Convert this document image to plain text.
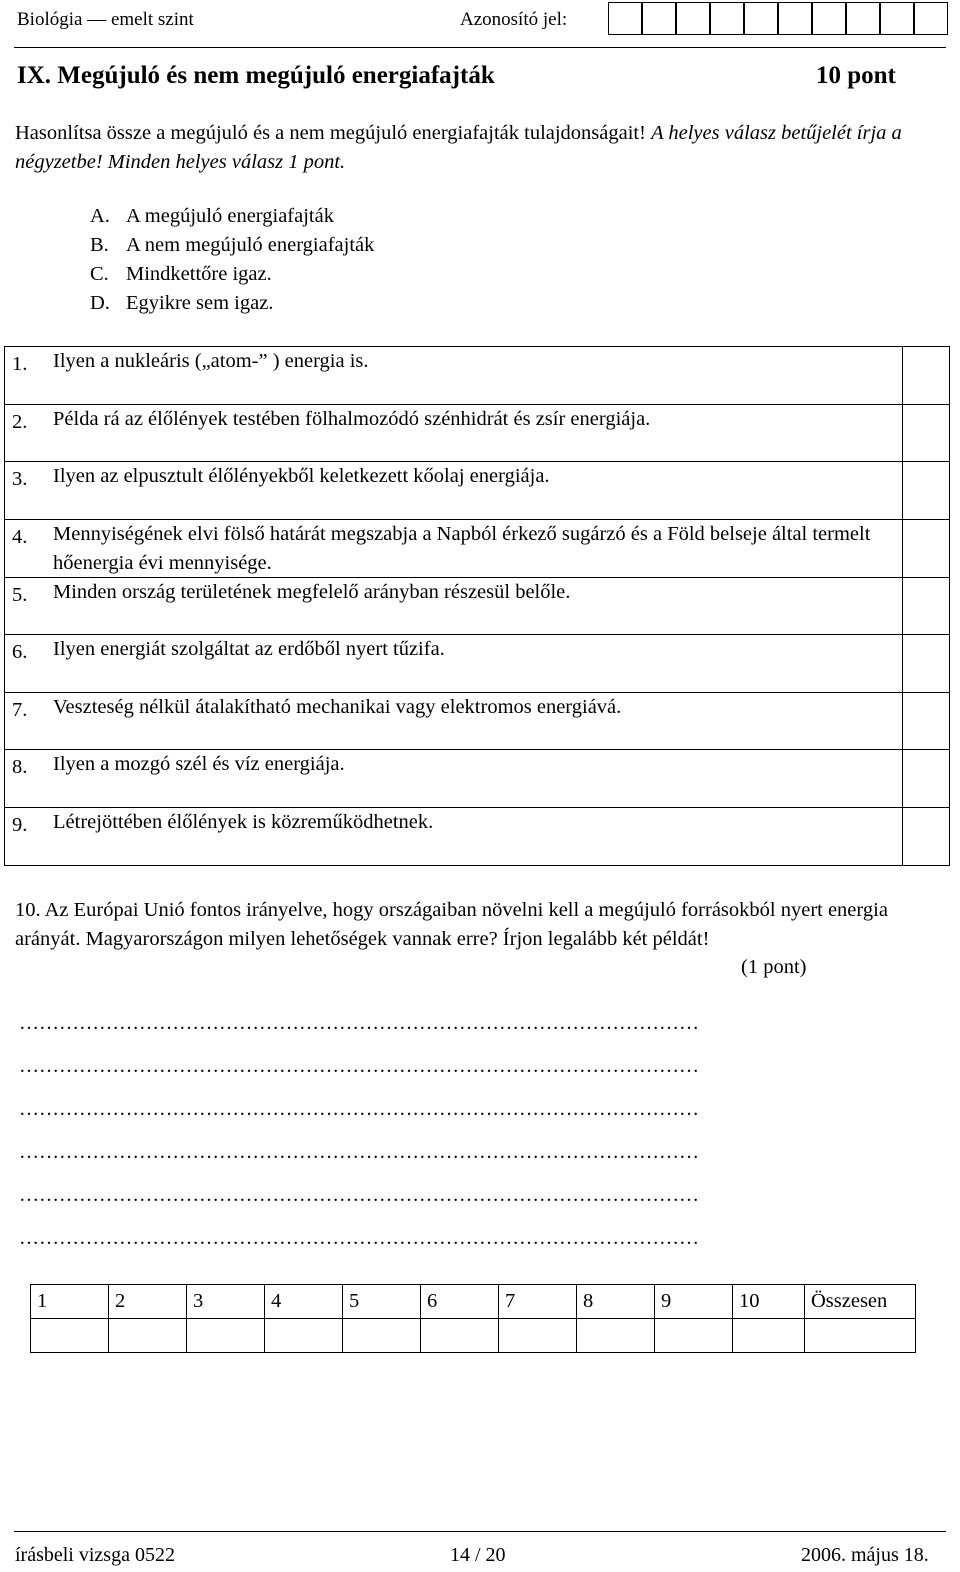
Biológia — emelt szint	Azonosító jel:
IX. Megújuló és nem megújuló energiafajták	10 pont
Hasonlítsa össze a megújuló és a nem megújuló energiafajták tulajdonságait! A helyes válasz betűjelét írja a négyzetbe! Minden helyes válasz 1 pont.
A. A megújuló energiafajták
B. A nem megújuló energiafajták
C. Mindkettőre igaz.
D. Egyikre sem igaz.
1. Ilyen a nukleáris („atom-” ) energia is.	

2. Példa rá az élőlények testében fölhalmozódó szénhidrát és zsír energiája.	

3. Ilyen az elpusztult élőlényekből keletkezett kőolaj energiája.	

4. Mennyiségének elvi fölső határát megszabja a Napból érkező sugárzó és a Föld belseje által termelt hőenergia évi mennyisége.	

5. Minden ország területének megfelelő arányban részesül belőle.	

6. Ilyen energiát szolgáltat az erdőből nyert tűzifa.	

7. Veszteség nélkül átalakítható mechanikai vagy elektromos energiává.	

8. Ilyen a mozgó szél és víz energiája.	

9. Létrejöttében élőlények is közreműködhetnek.	

10. Az Európai Unió fontos irányelve, hogy országaiban növelni kell a megújuló forrásokból nyert energia arányát. Magyarországon milyen lehetőségek vannak erre? Írjon legalább két példát!
(1 pont)
…………………………………………………………………………………………
…………………………………………………………………………………………
…………………………………………………………………………………………
…………………………………………………………………………………………
…………………………………………………………………………………………
…………………………………………………………………………………………
1	2	3	4	5	6	7	8	9	10	Összesen

írásbeli vizsga 0522	14 / 20	2006. május 18.
